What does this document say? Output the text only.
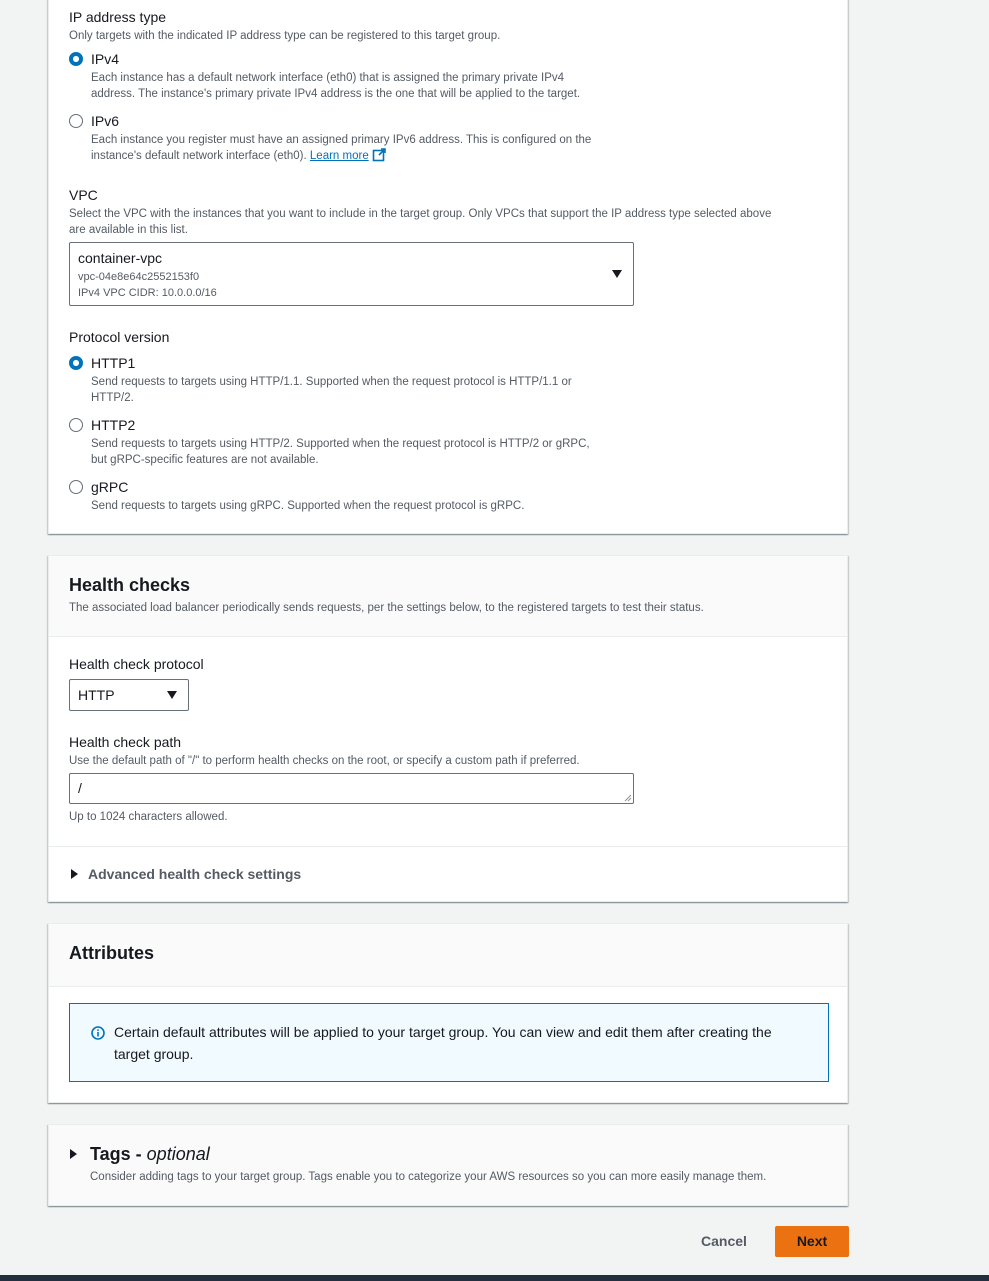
IP address type
Only targets with the indicated IP address type can be registered to this target group.
IPv4
Each instance has a default network interface (eth0) that is assigned the primary private IPv4
address. The instance's primary private IPv4 address is the one that will be applied to the target.
IPv6
Each instance you register must have an assigned primary IPv6 address. This is configured on the
instance's default network interface (eth0). Learn more
VPC
Select the VPC with the instances that you want to include in the target group. Only VPCs that support the IP address type selected above
are available in this list.
container-vpc
vpc-04e8e64c2552153f0
IPv4 VPC CIDR: 10.0.0.0/16
Protocol version
HTTP1
Send requests to targets using HTTP/1.1. Supported when the request protocol is HTTP/1.1 or
HTTP/2.
HTTP2
Send requests to targets using HTTP/2. Supported when the request protocol is HTTP/2 or gRPC,
but gRPC-specific features are not available.
gRPC
Send requests to targets using gRPC. Supported when the request protocol is gRPC.
Health checks
The associated load balancer periodically sends requests, per the settings below, to the registered targets to test their status.
Health check protocol
HTTP
Health check path
Use the default path of "/" to perform health checks on the root, or specify a custom path if preferred.
/
Up to 1024 characters allowed.
Advanced health check settings
Attributes
Certain default attributes will be applied to your target group. You can view and edit them after creating the
target group.
Tags - optional
Consider adding tags to your target group. Tags enable you to categorize your AWS resources so you can more easily manage them.
Cancel	Next
